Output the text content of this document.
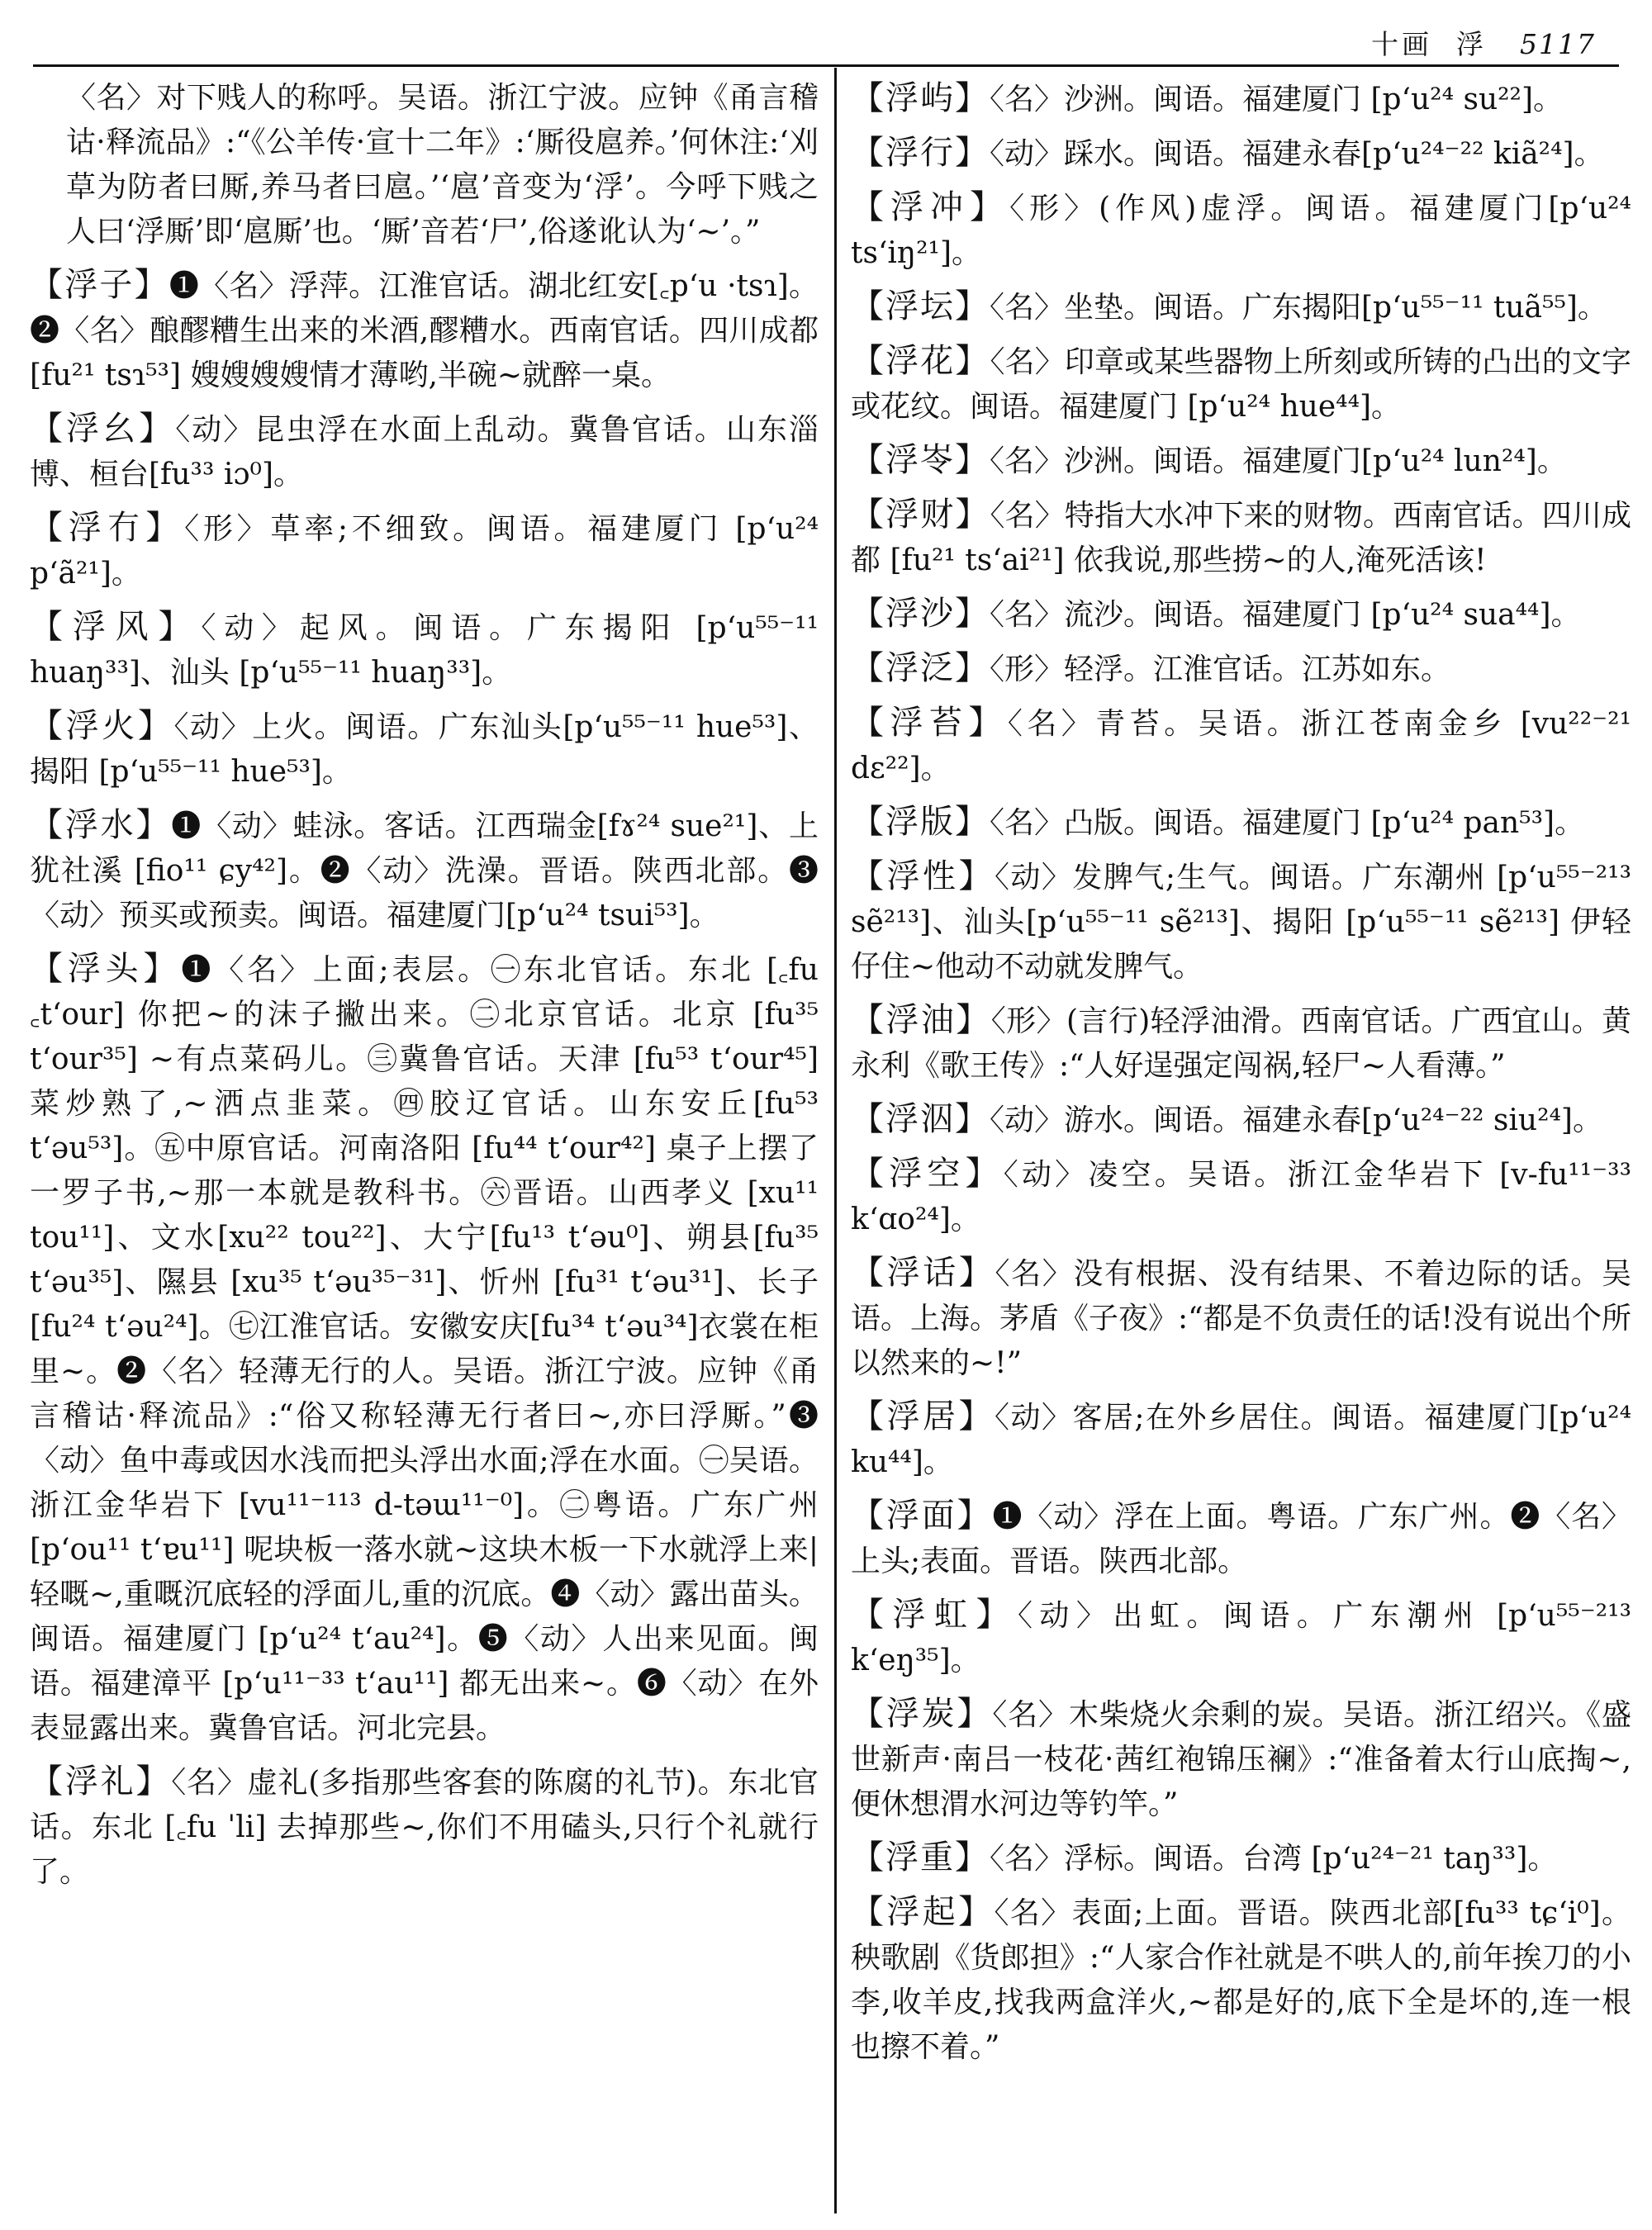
十画 浮 5117
〈名〉对下贱人的称呼。吴语。浙江宁波。应钟《甬言稽诂·释流品》:“《公羊传·宣十二年》:‘厮役扈养。’何休注:‘刈草为防者曰厮,养马者曰扈。’‘扈’音变为‘浮’。今呼下贱之人曰‘浮厮’即‘扈厮’也。‘厮’音若‘尸’,俗遂讹认为‘~’。”
【 浮子 】 ❶〈名〉浮萍。江淮官话。湖北红安[꜀p‘u ·tsɿ]。❷〈名〉酿醪糟生出来的米酒,醪糟水。西南官话。四川成都[fu²¹ tsɿ⁵³] 嫂嫂嫂嫂情才薄哟,半碗~就醉一桌。
【 浮幺 】 〈动〉昆虫浮在水面上乱动。冀鲁官话。山东淄博、桓台[fu³³ iɔ⁰]。
【 浮冇 】 〈形〉草率;不细致。闽语。福建厦门 [p‘u²⁴ p‘ã²¹]。
【 浮风 】 〈动〉起风。闽语。广东揭阳 [p‘u⁵⁵⁻¹¹ huaŋ³³]、汕头 [p‘u⁵⁵⁻¹¹ huaŋ³³]。
【 浮火 】 〈动〉上火。闽语。广东汕头[p‘u⁵⁵⁻¹¹ hue⁵³]、揭阳 [p‘u⁵⁵⁻¹¹ hue⁵³]。
【 浮水 】 ❶〈动〉蛙泳。客话。江西瑞金[fɤ²⁴ sue²¹]、上犹社溪 [fio¹¹ ɕy⁴²]。❷〈动〉洗澡。晋语。陕西北部。❸〈动〉预买或预卖。闽语。福建厦门[p‘u²⁴ tsui⁵³]。
【 浮头 】 ❶〈名〉上面;表层。㊀东北官话。东北 [꜀fu ꜀t‘our] 你把~的沫子撇出来。㊁北京官话。北京 [fu³⁵ t‘our³⁵] ~有点菜码儿。㊂冀鲁官话。天津 [fu⁵³ t‘our⁴⁵] 菜炒熟了,~洒点韭菜。㊃胶辽官话。山东安丘[fu⁵³ t‘əu⁵³]。㊄中原官话。河南洛阳 [fu⁴⁴ t‘our⁴²] 桌子上摆了一罗子书,~那一本就是教科书。㊅晋语。山西孝义 [xu¹¹ tou¹¹]、文水[xu²² tou²²]、大宁[fu¹³ t‘əu⁰]、朔县[fu³⁵ t‘əu³⁵]、隰县 [xu³⁵ t‘əu³⁵⁻³¹]、忻州 [fu³¹ t‘əu³¹]、长子[fu²⁴ t‘əu²⁴]。㊆江淮官话。安徽安庆[fu³⁴ t‘əu³⁴]衣裳在柜里~。❷〈名〉轻薄无行的人。吴语。浙江宁波。应钟《甬言稽诂·释流品》:“俗又称轻薄无行者曰~,亦曰浮厮。”❸〈动〉鱼中毒或因水浅而把头浮出水面;浮在水面。㊀吴语。浙江金华岩下 [vu¹¹⁻¹¹³ d-təɯ¹¹⁻⁰]。㊁粤语。广东广州 [p‘ou¹¹ t‘ɐu¹¹] 呢块板一落水就~这块木板一下水就浮上来|轻嘅~,重嘅沉底轻的浮面儿,重的沉底。❹〈动〉露出苗头。闽语。福建厦门 [p‘u²⁴ t‘au²⁴]。❺〈动〉人出来见面。闽语。福建漳平 [p‘u¹¹⁻³³ t‘au¹¹] 都无出来~。❻〈动〉在外表显露出来。冀鲁官话。河北完县。
【 浮礼 】 〈名〉虚礼(多指那些客套的陈腐的礼节)。东北官话。东北 [꜀fu ˈli] 去掉那些~,你们不用磕头,只行个礼就行了。
【 浮屿 】 〈名〉沙洲。闽语。福建厦门 [p‘u²⁴ su²²]。
【 浮行 】 〈动〉踩水。闽语。福建永春[p‘u²⁴⁻²² kiã²⁴]。
【 浮冲 】 〈形〉(作风)虚浮。闽语。福建厦门[p‘u²⁴ ts‘iŋ²¹]。
【 浮坛 】 〈名〉坐垫。闽语。广东揭阳[p‘u⁵⁵⁻¹¹ tuã⁵⁵]。
【 浮花 】 〈名〉印章或某些器物上所刻或所铸的凸出的文字或花纹。闽语。福建厦门 [p‘u²⁴ hue⁴⁴]。
【 浮岺 】 〈名〉沙洲。闽语。福建厦门[p‘u²⁴ lun²⁴]。
【 浮财 】 〈名〉特指大水冲下来的财物。西南官话。四川成都 [fu²¹ ts‘ai²¹] 依我说,那些捞~的人,淹死活该!
【 浮沙 】 〈名〉流沙。闽语。福建厦门 [p‘u²⁴ sua⁴⁴]。
【 浮泛 】 〈形〉轻浮。江淮官话。江苏如东。
【 浮苔 】 〈名〉青苔。吴语。浙江苍南金乡 [vu²²⁻²¹ dɛ²²]。
【 浮版 】 〈名〉凸版。闽语。福建厦门 [p‘u²⁴ pan⁵³]。
【 浮性 】 〈动〉发脾气;生气。闽语。广东潮州 [p‘u⁵⁵⁻²¹³ sẽ²¹³]、汕头[p‘u⁵⁵⁻¹¹ sẽ²¹³]、揭阳 [p‘u⁵⁵⁻¹¹ sẽ²¹³] 伊轻仔住~他动不动就发脾气。
【 浮油 】 〈形〉(言行)轻浮油滑。西南官话。广西宜山。黄永利《歌王传》:“人好逞强定闯祸,轻尸~人看薄。”
【 浮泅 】 〈动〉游水。闽语。福建永春[p‘u²⁴⁻²² siu²⁴]。
【 浮空 】 〈动〉凌空。吴语。浙江金华岩下 [v-fu¹¹⁻³³ k‘ɑo²⁴]。
【 浮话 】 〈名〉没有根据、没有结果、不着边际的话。吴语。上海。茅盾《子夜》:“都是不负责任的话!没有说出个所以然来的~!”
【 浮居 】 〈动〉客居;在外乡居住。闽语。福建厦门[p‘u²⁴ ku⁴⁴]。
【 浮面 】 ❶〈动〉浮在上面。粤语。广东广州。❷〈名〉上头;表面。晋语。陕西北部。
【 浮虹 】 〈动〉出虹。闽语。广东潮州 [p‘u⁵⁵⁻²¹³ k‘eŋ³⁵]。
【 浮炭 】 〈名〉木柴烧火余剩的炭。吴语。浙江绍兴。《盛世新声·南吕一枝花·茜红袍锦压襕》:“准备着太行山底掏~,便休想渭水河边等钓竿。”
【 浮重 】 〈名〉浮标。闽语。台湾 [p‘u²⁴⁻²¹ taŋ³³]。
【 浮起 】 〈名〉表面;上面。晋语。陕西北部[fu³³ tɕ‘i⁰]。秧歌剧《货郎担》:“人家合作社就是不哄人的,前年挨刀的小李,收羊皮,找我两盒洋火,~都是好的,底下全是坏的,连一根也擦不着。”
